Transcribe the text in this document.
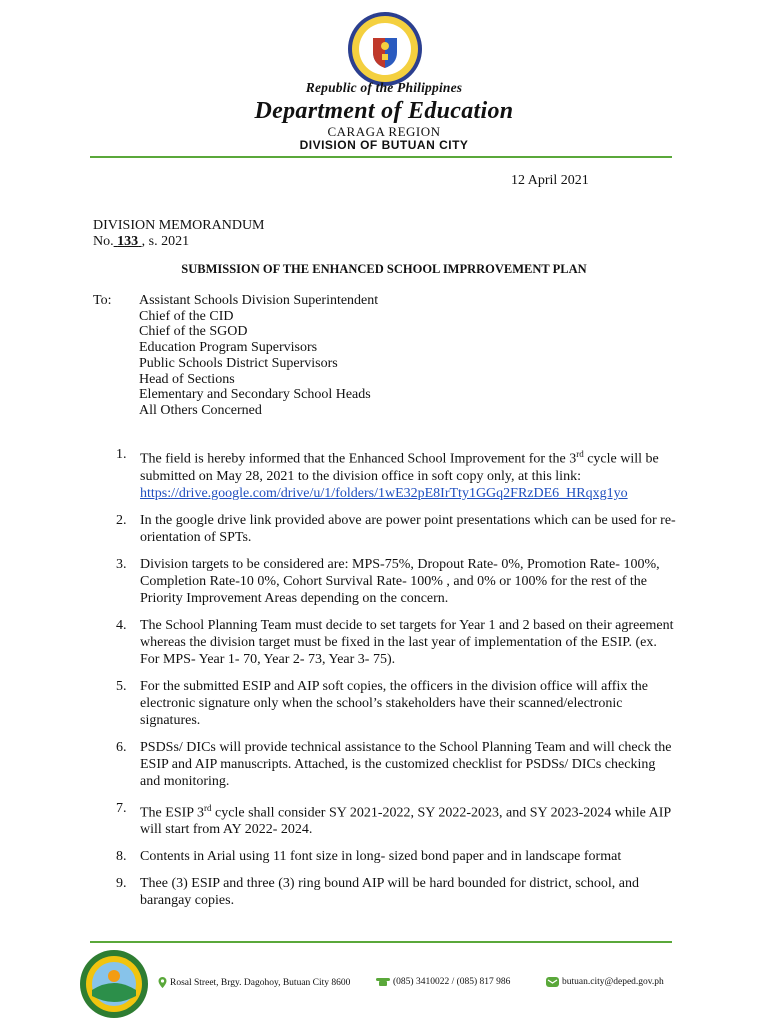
Republic of the Philippines
Department of Education
CARAGA REGION
DIVISION OF BUTUAN CITY
12 April 2021
DIVISION MEMORANDUM
No. 133 , s. 2021
SUBMISSION OF THE ENHANCED SCHOOL IMPRROVEMENT PLAN
To: Assistant Schools Division Superintendent
Chief of the CID
Chief of the SGOD
Education Program Supervisors
Public Schools District Supervisors
Head of Sections
Elementary and Secondary School Heads
All Others Concerned
1. The field is hereby informed that the Enhanced School Improvement for the 3rd cycle will be submitted on May 28, 2021 to the division office in soft copy only, at this link:
https://drive.google.com/drive/u/1/folders/1wE32pE8IrTty1GGq2FRzDE6_HRqxg1yo
2. In the google drive link provided above are power point presentations which can be used for re- orientation of SPTs.
3. Division targets to be considered are: MPS-75%, Dropout Rate- 0%, Promotion Rate- 100%, Completion Rate-10 0%, Cohort Survival Rate- 100% , and 0% or 100% for the rest of the Priority Improvement Areas depending on the concern.
4. The School Planning Team must decide to set targets for Year 1 and 2 based on their agreement whereas the division target must be fixed in the last year of implementation of the ESIP. (ex. For MPS- Year 1- 70, Year 2- 73, Year 3- 75).
5. For the submitted ESIP and AIP soft copies, the officers in the division office will affix the electronic signature only when the school’s stakeholders have their scanned/electronic signatures.
6. PSDSs/ DICs will provide technical assistance to the School Planning Team and will check the ESIP and AIP manuscripts. Attached, is the customized checklist for PSDSs/ DICs checking and monitoring.
7. The ESIP 3rd cycle shall consider SY 2021-2022, SY 2022-2023, and SY 2023-2024 while AIP will start from AY 2022- 2024.
8. Contents in Arial using 11 font size in long- sized bond paper and in landscape format
9. Thee (3) ESIP and three (3) ring bound AIP will be hard bounded for district, school, and barangay copies.
Rosal Street, Brgy. Dagohoy, Butuan City 8600	(085) 3410022 / (085) 817 986	butuan.city@deped.gov.ph
